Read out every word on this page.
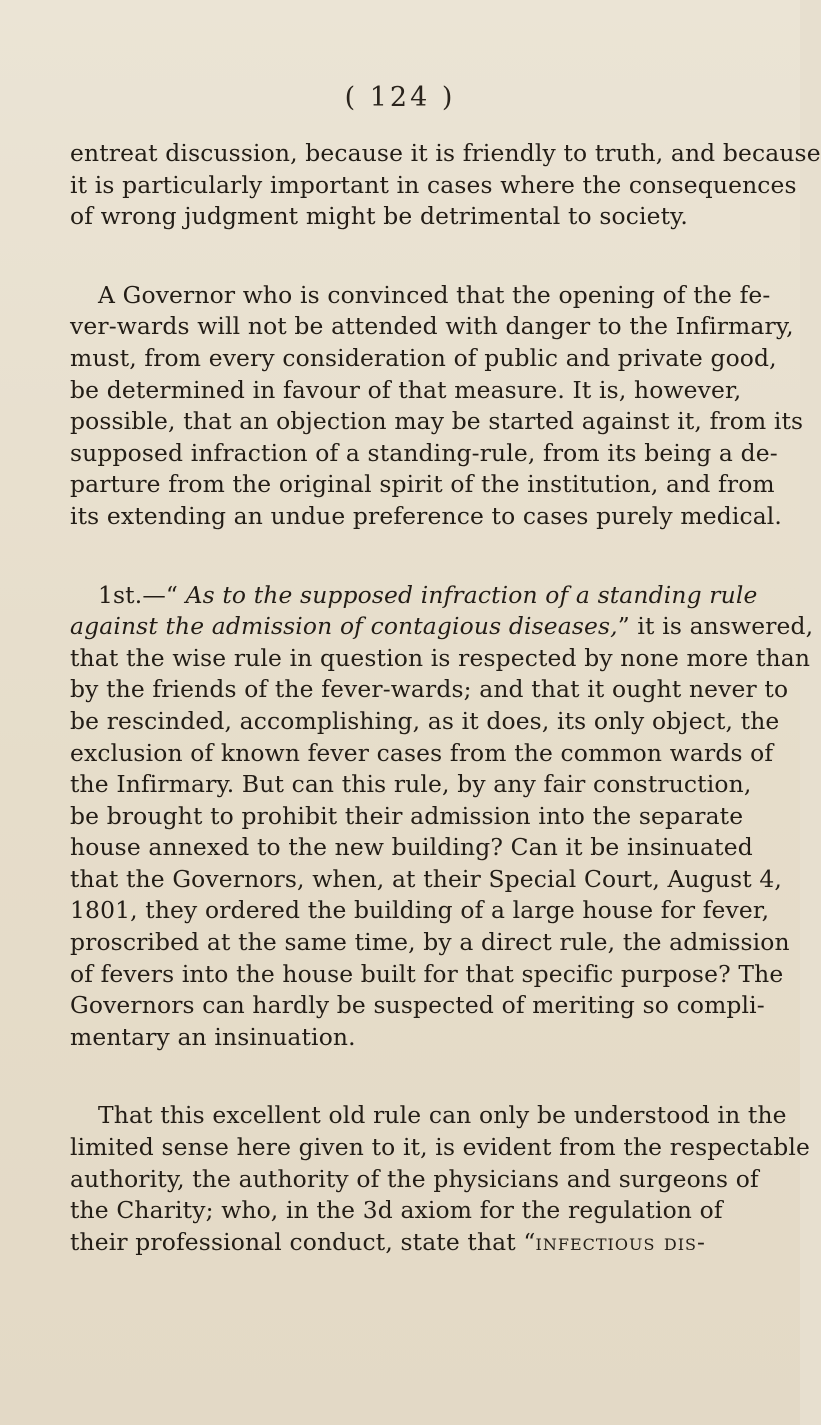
( 124 )
entreat discussion, because it is friendly to truth, and because
it is particularly important in cases where the consequences
of wrong judgment might be detrimental to society.
A Governor who is convinced that the opening of the fe-
ver-wards will not be attended with danger to the Infirmary,
must, from every consideration of public and private good,
be determined in favour of that measure. It is, however,
possible, that an objection may be started against it, from its
supposed infraction of a standing-rule, from its being a de-
parture from the original spirit of the institution, and from
its extending an undue preference to cases purely medical.
1st.—“ As to the supposed infraction of a standing rule
against the admission of contagious diseases,” it is answered,
that the wise rule in question is respected by none more than
by the friends of the fever-wards; and that it ought never to
be rescinded, accomplishing, as it does, its only object, the
exclusion of known fever cases from the common wards of
the Infirmary. But can this rule, by any fair construction,
be brought to prohibit their admission into the separate
house annexed to the new building? Can it be insinuated
that the Governors, when, at their Special Court, August 4,
1801, they ordered the building of a large house for fever,
proscribed at the same time, by a direct rule, the admission
of fevers into the house built for that specific purpose? The
Governors can hardly be suspected of meriting so compli-
mentary an insinuation.
That this excellent old rule can only be understood in the
limited sense here given to it, is evident from the respectable
authority, the authority of the physicians and surgeons of
the Charity; who, in the 3d axiom for the regulation of
their professional conduct, state that “infectious dis-
